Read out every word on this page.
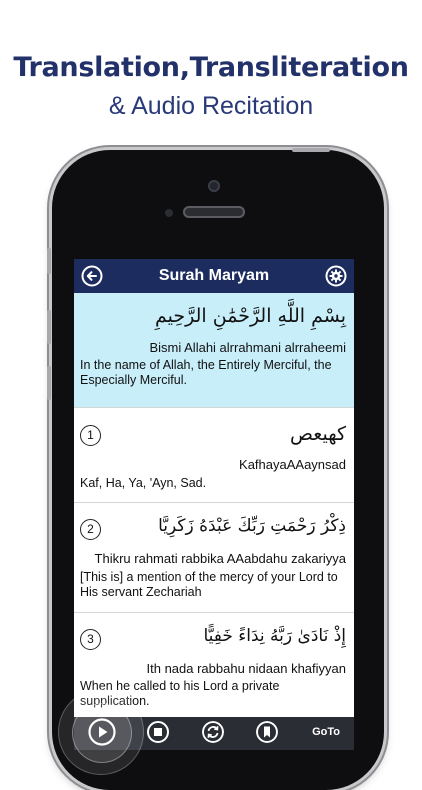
Translation,Transliteration
& Audio Recitation
Surah Maryam
بِسْمِ اللَّهِ الرَّحْمَٰنِ الرَّحِيمِ
Bismi Allahi alrrahmani alrraheemi
In the name of Allah, the Entirely Merciful, the Especially Merciful.
1	كهيعص
KafhayaAAaynsad
Kaf, Ha, Ya, 'Ayn, Sad.
2	ذِكْرُ رَحْمَتِ رَبِّكَ عَبْدَهُ زَكَرِيَّا
Thikru rahmati rabbika AAabdahu zakariyya
[This is] a mention of the mercy of your Lord to His servant Zechariah
3	إِذْ نَادَىٰ رَبَّهُ نِدَاءً خَفِيًّا
Ith nada rabbahu nidaan khafiyyan
When he called to his Lord a private supplication.
GoTo
